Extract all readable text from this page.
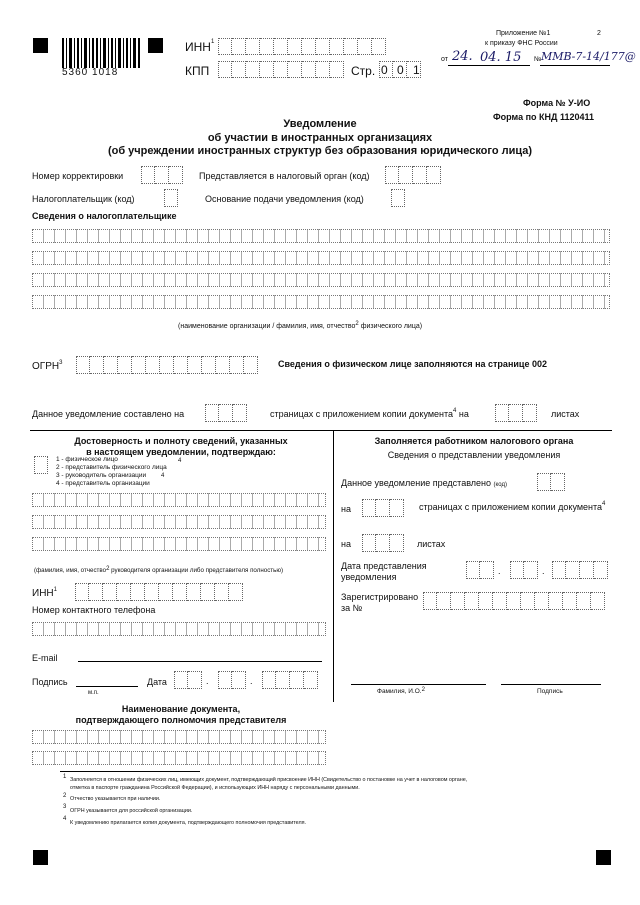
5360 1018
ИНН$^1$
КПП	Стр. 0 0 1
Приложение №1	2
к приказу ФНС России
от 24. 04. 15 № ММВ-7-14/177@
Форма № У-ИО
Форма по КНД 1120411
Уведомление
об участии в иностранных организациях
(об учреждении иностранных структур без образования юридического лица)
Номер корректировки	Представляется в налоговый орган (код)
Налогоплательщик (код)	Основание подачи уведомления (код)
Сведения о налогоплательщике
(наименование организации / фамилия, имя, отчество2 физического лица)
ОГРН$^3$	Сведения о физическом лице заполняются на странице 002
Данное уведомление составлено на	страницах с приложением копии документа$^4$ на	листах
Достоверность и полноту сведений, указанных
в настоящем уведомлении, подтверждаю:
1 - физическое лицо
2 - представитель физического лица
3 - руководитель организации
4 - представитель организации
4
4
(фамилия, имя, отчество2 руководителя организации либо представителя полностью)
ИНН$^1$
Номер контактного телефона
E-mail
Подпись	Дата	.	.
м.п.
Наименование документа,
подтверждающего полномочия представителя
Заполняется работником налогового органа
Сведения о представлении уведомления
Данное уведомление представлено (код)
на	страницах с приложением копии документа$^4$
на	листах
Дата представления
уведомления
.	.
Зарегистрировано
за №
Фамилия, И.О.2	Подпись
1 Заполняется в отношении физических лиц, имеющих документ, подтверждающий присвоение ИНН (Свидетельство о постановке на учет в налоговом органе,
отметка в паспорте гражданина Российской Федерации), и использующих ИНН наряду с персональными данными.
2 Отчество указывается при наличии.
3
ОГРН указывается для российской организации.
4
К уведомлению прилагается копия документа, подтверждающего полномочия представителя.
